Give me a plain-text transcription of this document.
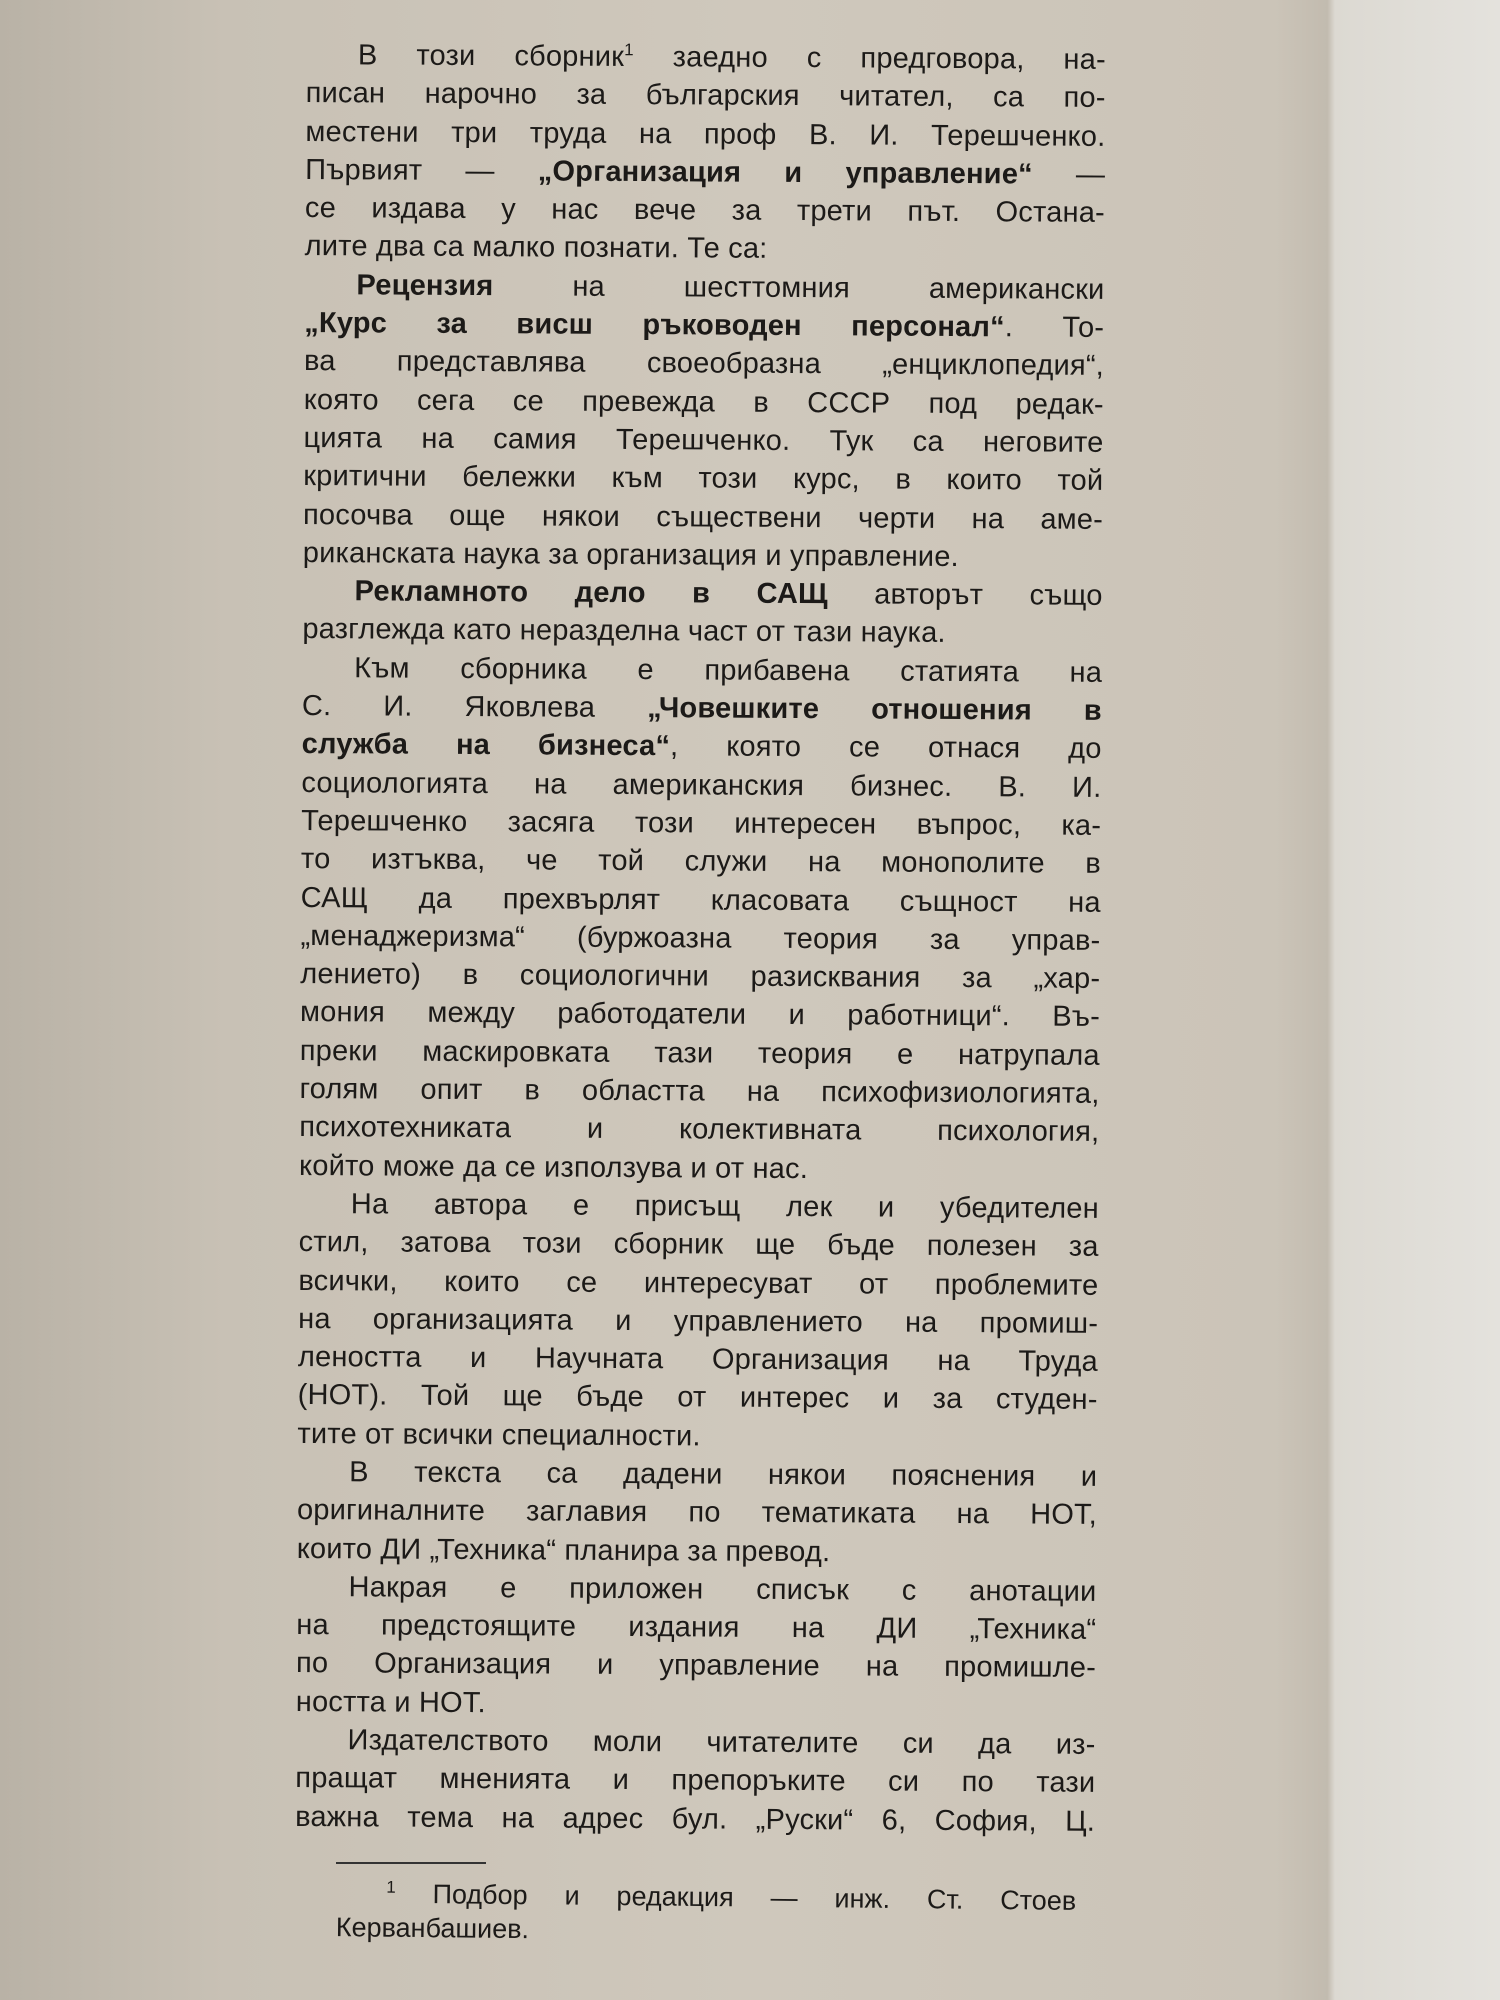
В този сборник$^1$ заедно с предговора, на-
писан нарочно за българския читател, са по-
местени три труда на проф В. И. Терешченко.
Първият — „Организация и управление“ —
се издава у нас вече за трети път. Остана-
лите два са малко познати. Те са:
Рецензия на шесттомния американски
„Курс за висш ръководен персонал“. То-
ва представлява своеобразна „енциклопедия“,
която сега се превежда в СССР под редак-
цията на самия Терешченко. Тук са неговите
критични бележки към този курс, в които той
посочва още някои съществени черти на аме-
риканската наука за организация и управление.
Рекламното дело в САЩ авторът също
разглежда като неразделна част от тази наука.
Към сборника е прибавена статията на
С. И. Яковлева „Човешките отношения в
служба на бизнеса“, която се отнася до
социологията на американския бизнес. В. И.
Терешченко засяга този интересен въпрос, ка-
то изтъква, че той служи на монополите в
САЩ да прехвърлят класовата същност на
„менаджеризма“ (буржоазна теория за управ-
лението) в социологични разисквания за „хар-
мония между работодатели и работници“. Въ-
преки маскировката тази теория е натрупала
голям опит в областта на психофизиологията,
психотехниката и колективната психология,
който може да се използува и от нас.
На автора е присъщ лек и убедителен
стил, затова този сборник ще бъде полезен за
всички, които се интересуват от проблемите
на организацията и управлението на промиш-
леността и Научната Организация на Труда
(НОТ). Той ще бъде от интерес и за студен-
тите от всички специалности.
В текста са дадени някои пояснения и
оригиналните заглавия по тематиката на НОТ,
които ДИ „Техника“ планира за превод.
Накрая е приложен списък с анотации
на предстоящите издания на ДИ „Техника“
по Организация и управление на промишле-
ността и НОТ.
Издателството моли читателите си да из-
пращат мненията и препоръките си по тази
важна тема на адрес бул. „Руски“ 6, София, Ц.
$^1$ Подбор и редакция — инж. Ст. Стоев
Керванбашиев.
